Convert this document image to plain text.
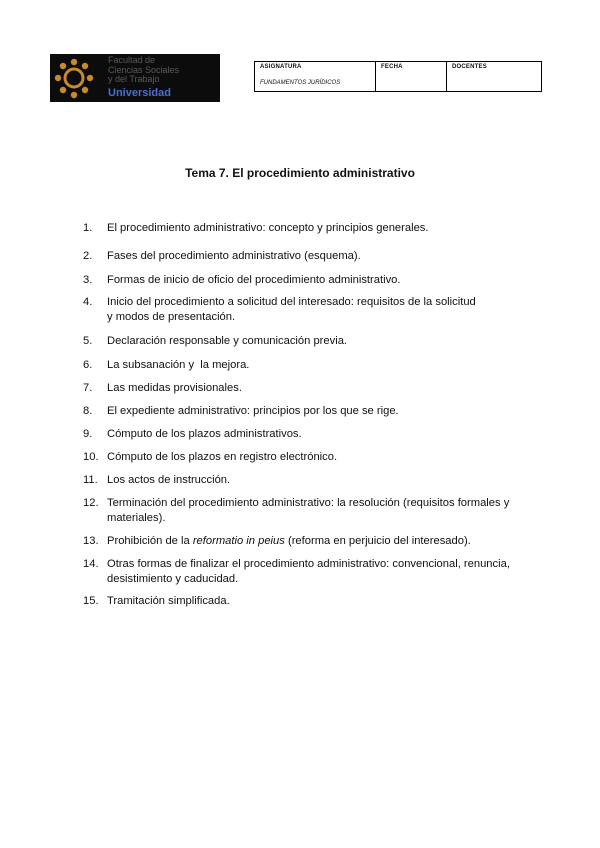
Facultad de
Ciencias Sociales
y del Trabajo
Universidad
ASIGNATURA
FUNDAMENTOS JURÍDICOS
FECHA	DOCENTES
Tema 7. El procedimiento administrativo
1.	El procedimiento administrativo: concepto y principios generales.
2.	Fases del procedimiento administrativo (esquema).
3.	Formas de inicio de oficio del procedimiento administrativo.
4.	Inicio del procedimiento a solicitud del interesado: requisitos de la solicitud
y modos de presentación.
5.	Declaración responsable y comunicación previa.
6.	La subsanación y  la mejora.
7.	Las medidas provisionales.
8.	El expediente administrativo: principios por los que se rige.
9.	Cómputo de los plazos administrativos.
10. Cómputo de los plazos en registro electrónico.
11. Los actos de instrucción.
12. Terminación del procedimiento administrativo: la resolución (requisitos formales y
materiales).
13. Prohibición de la reformatio in peius (reforma en perjuicio del interesado).
14. Otras formas de finalizar el procedimiento administrativo: convencional, renuncia,
desistimiento y caducidad.
15. Tramitación simplificada.
